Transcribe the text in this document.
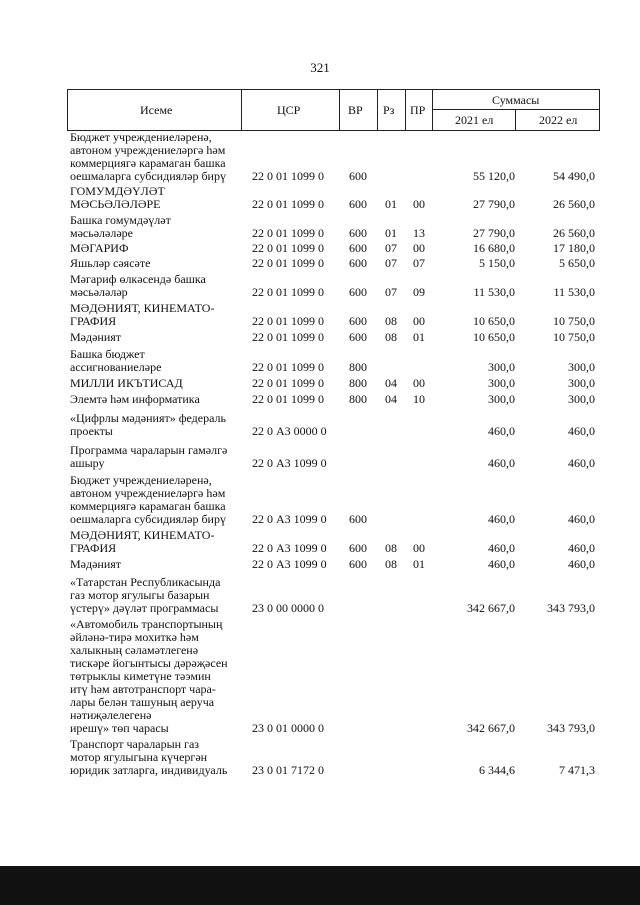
321
Исеме	ЦСР	ВР Рз ПР
Суммасы
2021 ел	2022 ел
Бюджет учреждениеләренә,
автоном учреждениеләргә һәм
коммерциягә карамаган башка
оешмаларга субсидияләр бирү	22 0 01 1099 0 600	55 120,0	54 490,0
ГОМУМДӘҮЛӘТ
МӘСЬӘЛӘЛӘРЕ	22 0 01 1099 0 600 01 00	27 790,0	26 560,0
Башка гомумдәүләт
мәсьәләләре	22 0 01 1099 0 600 01 13	27 790,0	26 560,0
МӘГАРИФ	22 0 01 1099 0 600 07 00	16 680,0	17 180,0
Яшьләр сәясәте	22 0 01 1099 0 600 07 07	5 150,0	5 650,0
Мәгариф өлкәсендә башка
мәсьәләләр	22 0 01 1099 0 600 07 09	11 530,0	11 530,0
МӘДӘНИЯТ, КИНЕМАТО-
ГРАФИЯ	22 0 01 1099 0 600 08 00	10 650,0	10 750,0
Мәдәният	22 0 01 1099 0 600 08 01	10 650,0	10 750,0
Башка бюджет
ассигнованиеләре	22 0 01 1099 0 800	300,0	300,0
МИЛЛИ ИКЪТИСАД	22 0 01 1099 0 800 04 00	300,0	300,0
Элемтә һәм информатика	22 0 01 1099 0 800 04 10	300,0	300,0
«Цифрлы мәдәният» федераль
проекты	22 0 А3 0000 0	460,0	460,0
Программа чараларын гамәлгә
ашыру	22 0 А3 1099 0	460,0	460,0
Бюджет учреждениеләренә,
автоном учреждениеләргә һәм
коммерциягә карамаган башка
оешмаларга субсидияләр бирү	22 0 А3 1099 0 600	460,0	460,0
МӘДӘНИЯТ, КИНЕМАТО-
ГРАФИЯ	22 0 А3 1099 0 600 08 00	460,0	460,0
Мәдәният	22 0 А3 1099 0 600 08 01	460,0	460,0
«Татарстан Республикасында
газ мотор ягулыгы базарын
үстерү» дәүләт программасы	23 0 00 0000 0	342 667,0	343 793,0
«Автомобиль транспортының
әйләнә-тирә мохиткә һәм
халыкның сәламәтлегенә
тискәре йогынтысы дәрәҗәсен
төтрыклы киметүне тәэмин
итү һәм автотранспорт чара-
лары белән ташуның аеруча
нәтиҗәлелегенә
ирешү» төп чарасы	23 0 01 0000 0	342 667,0	343 793,0
Транспорт чараларын газ
мотор ягулыгына күчергән
юридик затларга, индивидуаль	23 0 01 7172 0	6 344,6	7 471,3
